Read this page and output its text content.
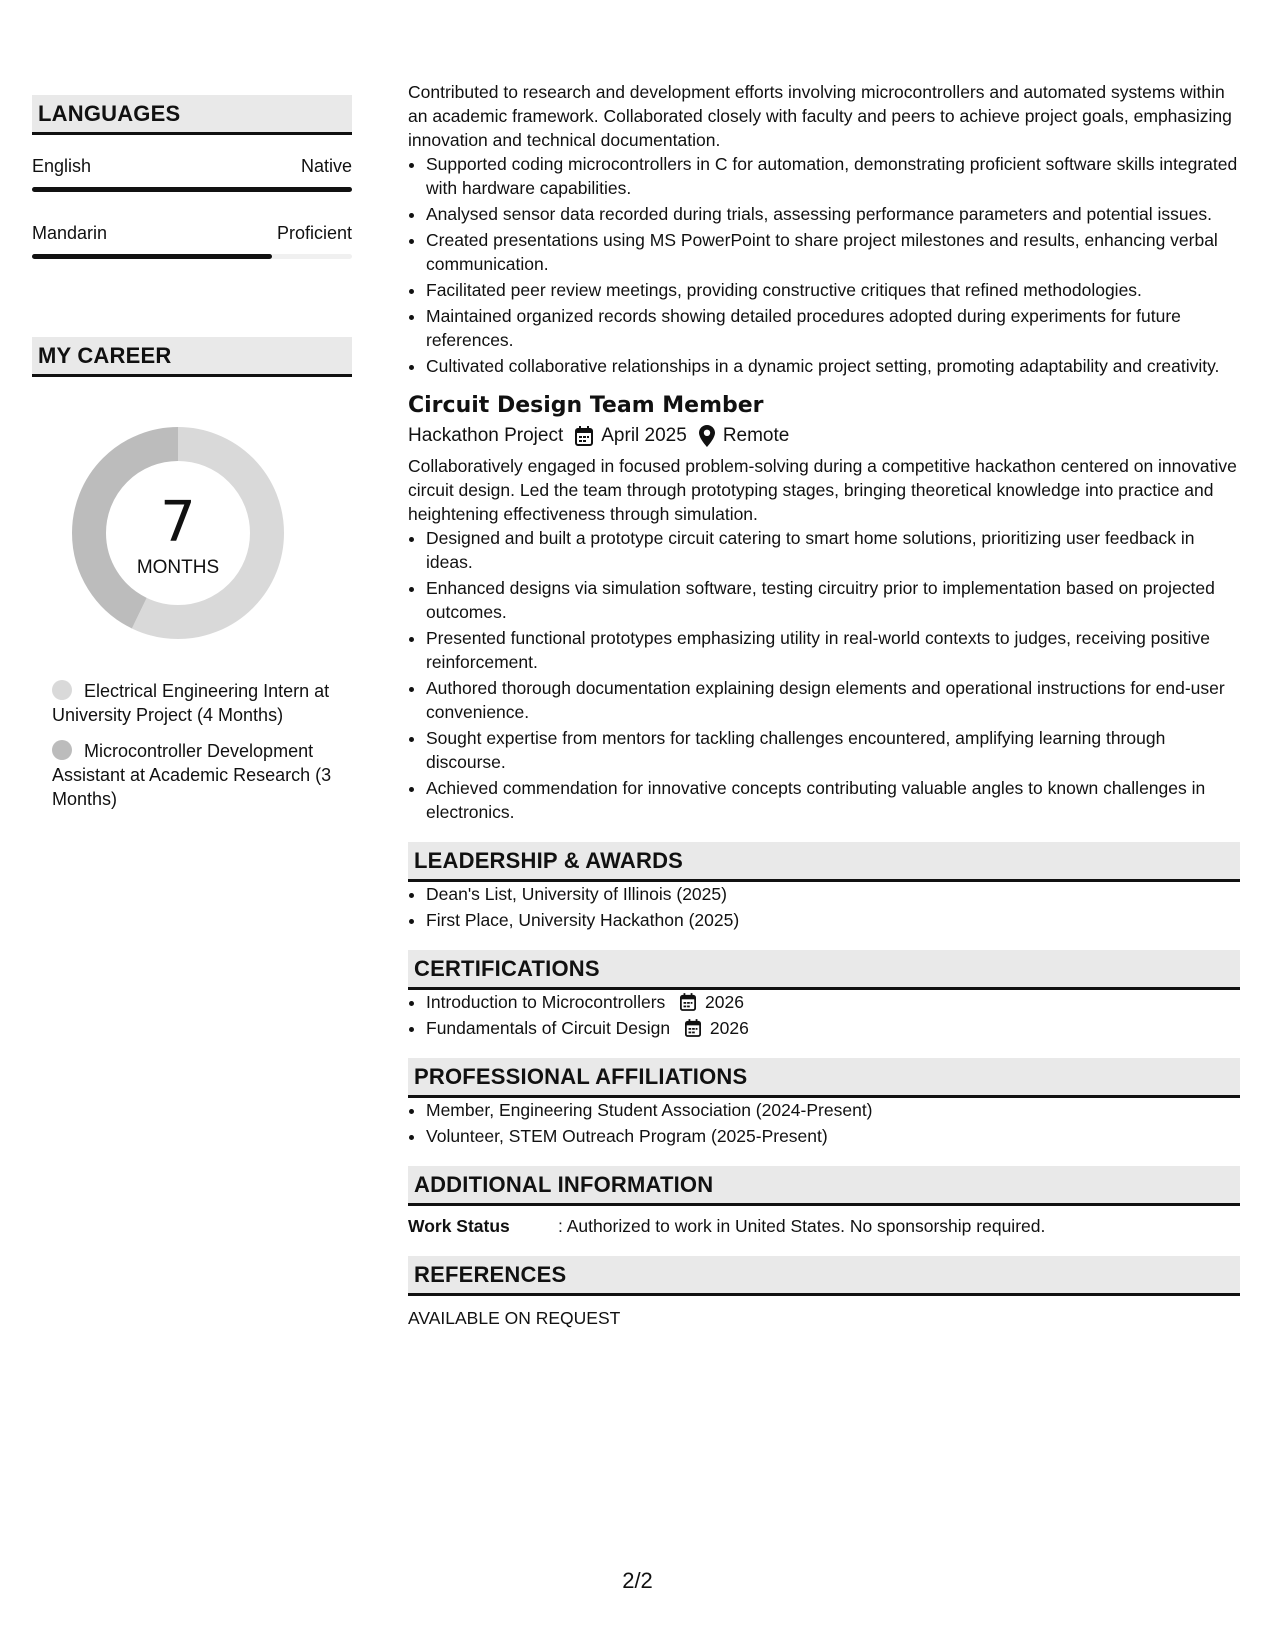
LANGUAGES
English	Native
Mandarin	Proficient
MY CAREER
7
MONTHS
Electrical Engineering Intern at University Project (4 Months)
Microcontroller Development Assistant at Academic Research (3 Months)

Contributed to research and development efforts involving microcontrollers and automated systems within an academic framework. Collaborated closely with faculty and peers to achieve project goals, emphasizing innovation and technical documentation.

• Supported coding microcontrollers in C for automation, demonstrating proficient software skills integrated with hardware capabilities.
• Analysed sensor data recorded during trials, assessing performance parameters and potential issues.
• Created presentations using MS PowerPoint to share project milestones and results, enhancing verbal communication.
• Facilitated peer review meetings, providing constructive critiques that refined methodologies.
• Maintained organized records showing detailed procedures adopted during experiments for future references.
• Cultivated collaborative relationships in a dynamic project setting, promoting adaptability and creativity.
Circuit Design Team Member
Hackathon Project April 2025 Remote

Collaboratively engaged in focused problem-solving during a competitive hackathon centered on innovative circuit design. Led the team through prototyping stages, bringing theoretical knowledge into practice and heightening effectiveness through simulation.

• Designed and built a prototype circuit catering to smart home solutions, prioritizing user feedback in ideas.
• Enhanced designs via simulation software, testing circuitry prior to implementation based on projected outcomes.
• Presented functional prototypes emphasizing utility in real-world contexts to judges, receiving positive reinforcement.
• Authored thorough documentation explaining design elements and operational instructions for end-user convenience.
• Sought expertise from mentors for tackling challenges encountered, amplifying learning through discourse.
• Achieved commendation for innovative concepts contributing valuable angles to known challenges in electronics.
LEADERSHIP & AWARDS
• Dean's List, University of Illinois (2025)
• First Place, University Hackathon (2025)
CERTIFICATIONS
• Introduction to Microcontrollers 2026
• Fundamentals of Circuit Design 2026
PROFESSIONAL AFFILIATIONS
• Member, Engineering Student Association (2024-Present)
• Volunteer, STEM Outreach Program (2025-Present)
ADDITIONAL INFORMATION
Work Status	: Authorized to work in United States. No sponsorship required.
REFERENCES
AVAILABLE ON REQUEST
2/2
